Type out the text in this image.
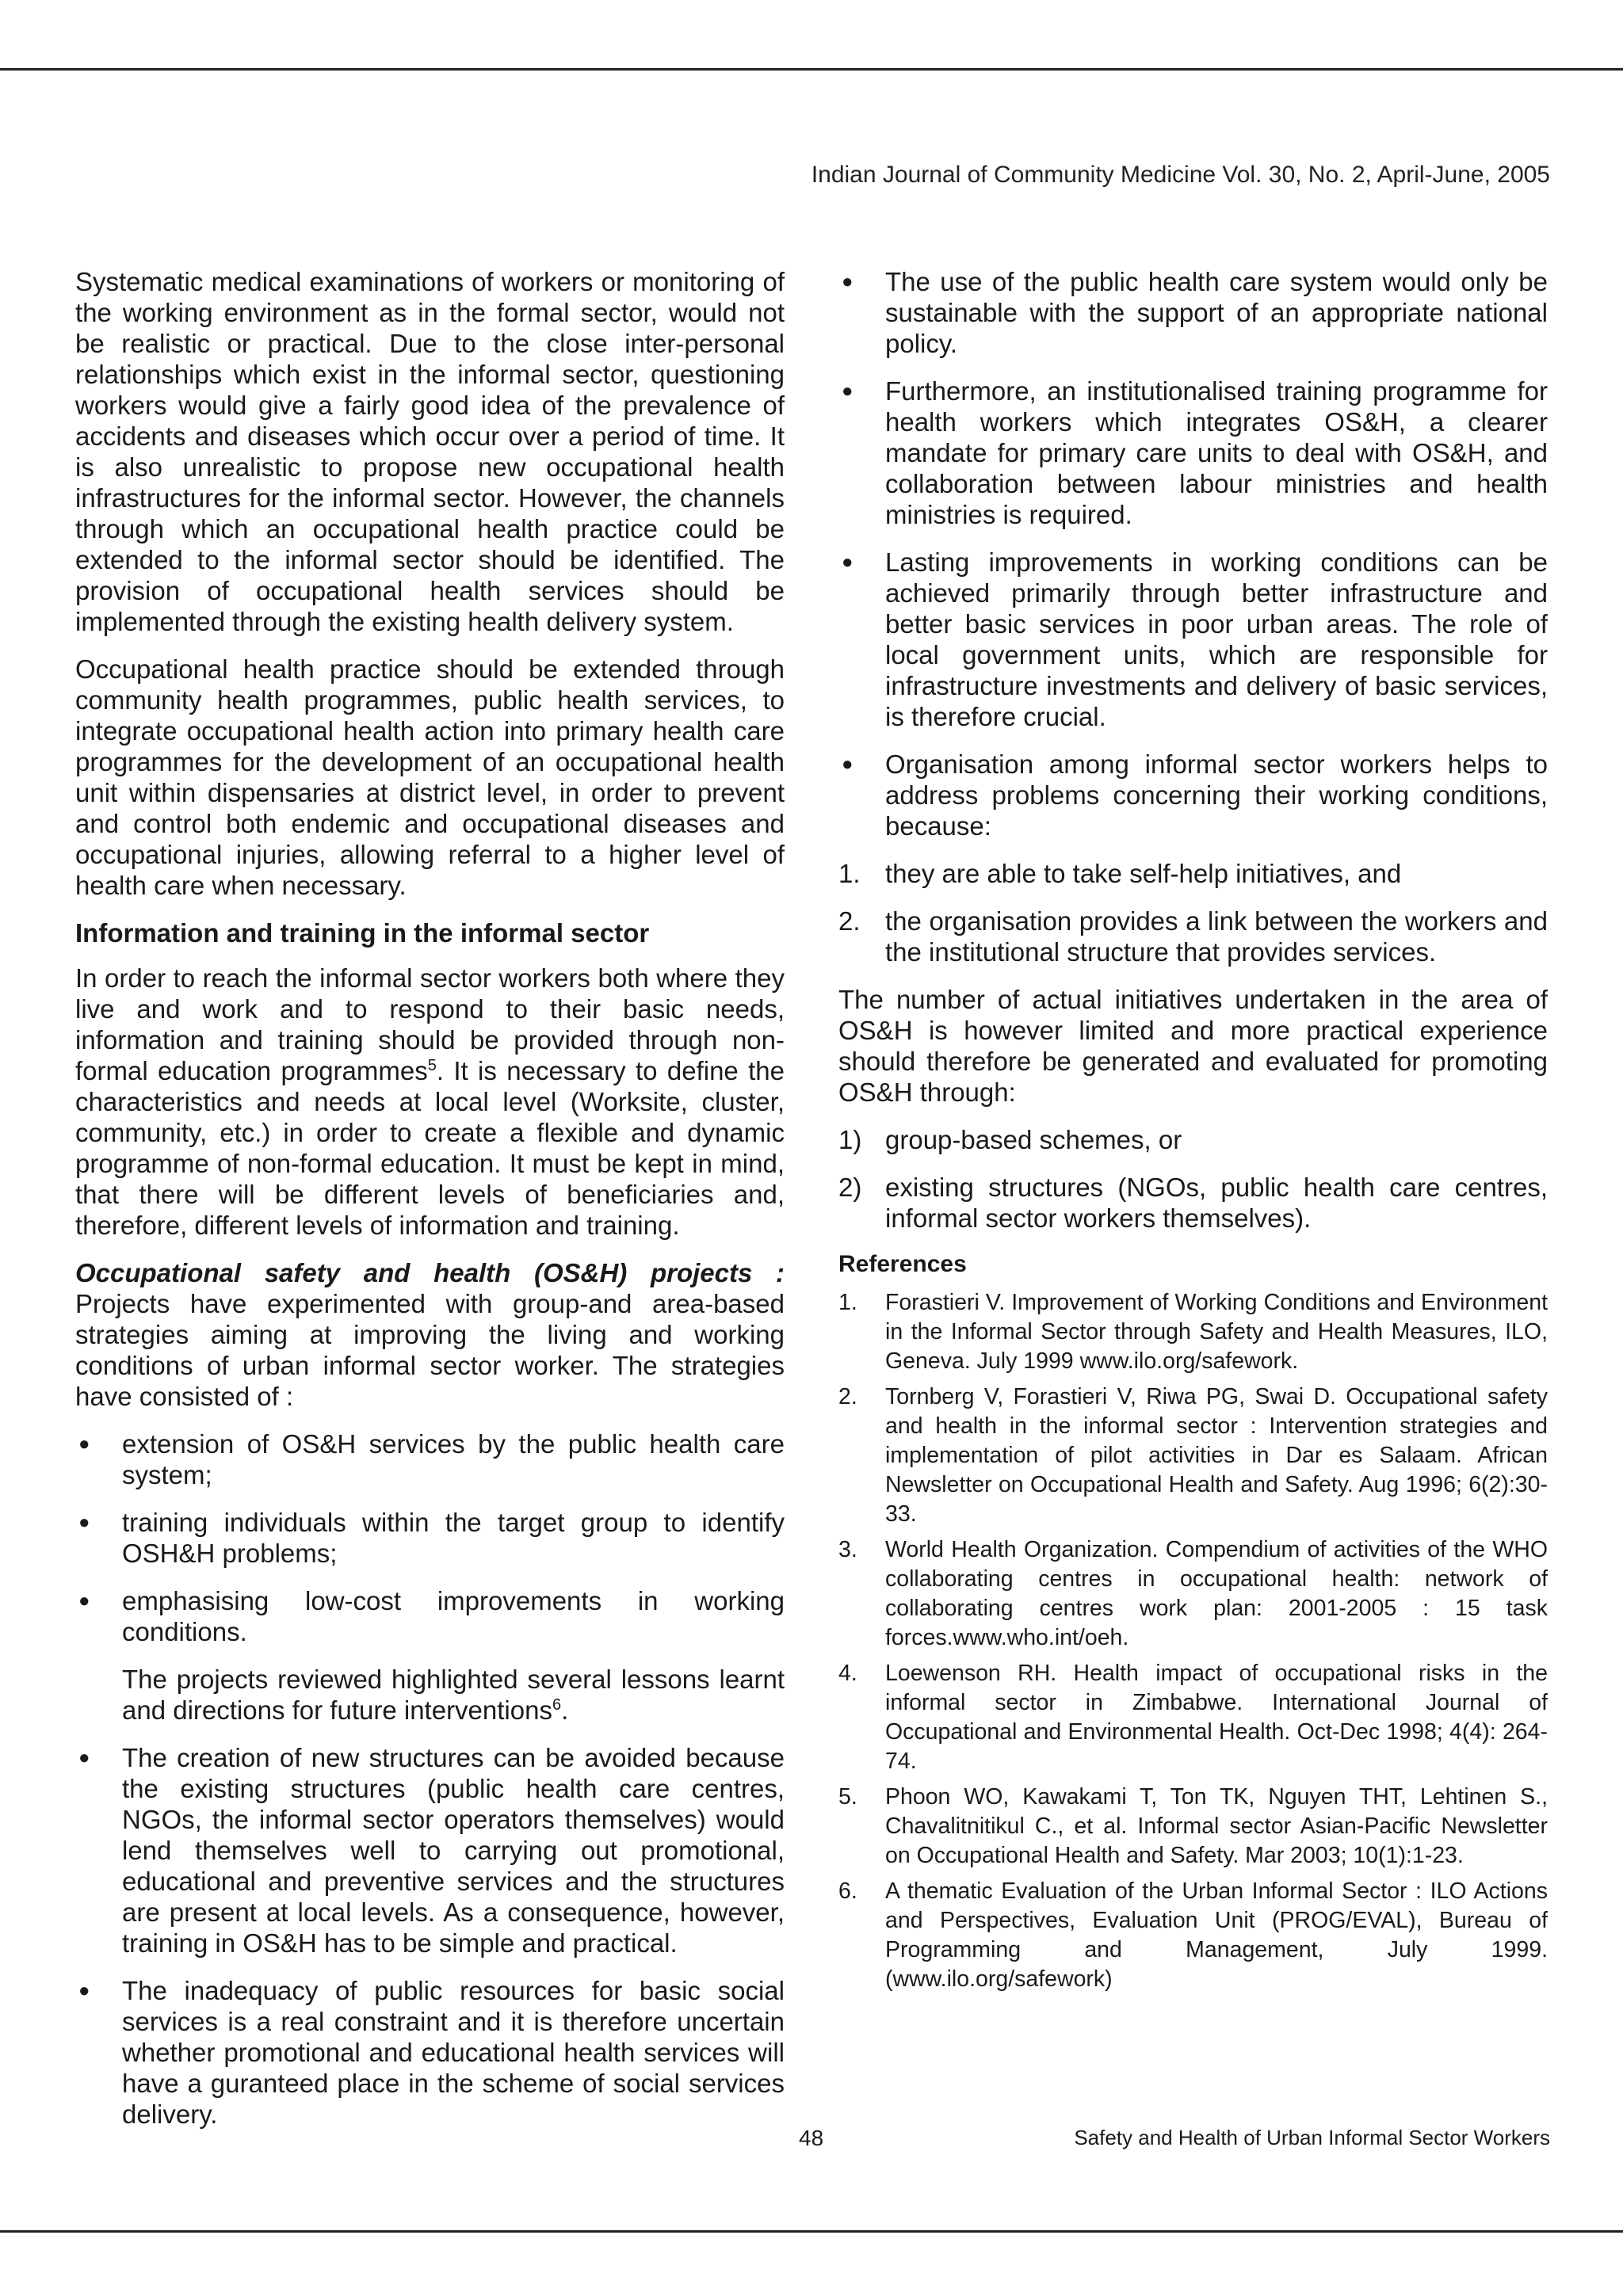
Indian Journal of Community Medicine Vol. 30, No. 2, April-June, 2005

Systematic medical examinations of workers or monitoring of the working environment as in the formal sector, would not be realistic or practical. Due to the close inter-personal relationships which exist in the informal sector, questioning workers would give a fairly good idea of the prevalence of accidents and diseases which occur over a period of time. It is also unrealistic to propose new occupational health infrastructures for the informal sector. However, the channels through which an occupational health practice could be extended to the informal sector should be identified. The provision of occupational health services should be implemented through the existing health delivery system.

Occupational health practice should be extended through community health programmes, public health services, to integrate occupational health action into primary health care programmes for the development of an occupational health unit within dispensaries at district level, in order to prevent and control both endemic and occupational diseases and occupational injuries, allowing referral to a higher level of health care when necessary.

Information and training in the informal sector

In order to reach the informal sector workers both where they live and work and to respond to their basic needs, information and training should be provided through non-formal education programmes$^5$. It is necessary to define the characteristics and needs at local level (Worksite, cluster, community, etc.) in order to create a flexible and dynamic programme of non-formal education. It must be kept in mind, that there will be different levels of beneficiaries and, therefore, different levels of information and training.

Occupational safety and health (OS&H) projects : Projects have experimented with group-and area-based strategies aiming at improving the living and working conditions of urban informal sector worker. The strategies have consisted of :

● extension of OS&H services by the public health care system;
● training individuals within the target group to identify OSH&H problems;
● emphasising low-cost improvements in working conditions.

The projects reviewed highlighted several lessons learnt and directions for future interventions$^6$.

● The creation of new structures can be avoided because the existing structures (public health care centres, NGOs, the informal sector operators themselves) would lend themselves well to carrying out promotional, educational and preventive services and the structures are present at local levels. As a consequence, however, training in OS&H has to be simple and practical.
● The inadequacy of public resources for basic social services is a real constraint and it is therefore uncertain whether promotional and educational health services will have a guranteed place in the scheme of social services delivery.
● The use of the public health care system would only be sustainable with the support of an appropriate national policy.
● Furthermore, an institutionalised training programme for health workers which integrates OS&H, a clearer mandate for primary care units to deal with OS&H, and collaboration between labour ministries and health ministries is required.
● Lasting improvements in working conditions can be achieved primarily through better infrastructure and better basic services in poor urban areas. The role of local government units, which are responsible for infrastructure investments and delivery of basic services, is therefore crucial.
● Organisation among informal sector workers helps to address problems concerning their working conditions, because:
1. they are able to take self-help initiatives, and
2. the organisation provides a link between the workers and the institutional structure that provides services.

The number of actual initiatives undertaken in the area of OS&H is however limited and more practical experience should therefore be generated and evaluated for promoting OS&H through:

1) group-based schemes, or
2) existing structures (NGOs, public health care centres, informal sector workers themselves).
References
1. Forastieri V. Improvement of Working Conditions and Environment in the Informal Sector through Safety and Health Measures, ILO, Geneva. July 1999 www.ilo.org/safework.
2. Tornberg V, Forastieri V, Riwa PG, Swai D. Occupational safety and health in the informal sector : Intervention strategies and implementation of pilot activities in Dar es Salaam. African Newsletter on Occupational Health and Safety. Aug 1996; 6(2):30-33.
3. World Health Organization. Compendium of activities of the WHO collaborating centres in occupational health: network of collaborating centres work plan: 2001-2005 : 15 task forces.www.who.int/oeh.
4. Loewenson RH. Health impact of occupational risks in the informal sector in Zimbabwe. International Journal of Occupational and Environmental Health. Oct-Dec 1998; 4(4): 264-74.
5. Phoon WO, Kawakami T, Ton TK, Nguyen THT, Lehtinen S., Chavalitnitikul C., et al. Informal sector Asian-Pacific Newsletter on Occupational Health and Safety. Mar 2003; 10(1):1-23.
6. A thematic Evaluation of the Urban Informal Sector : ILO Actions and Perspectives, Evaluation Unit (PROG/EVAL), Bureau of Programming and Management, July 1999. (www.ilo.org/safework)
48	Safety and Health of Urban Informal Sector Workers
